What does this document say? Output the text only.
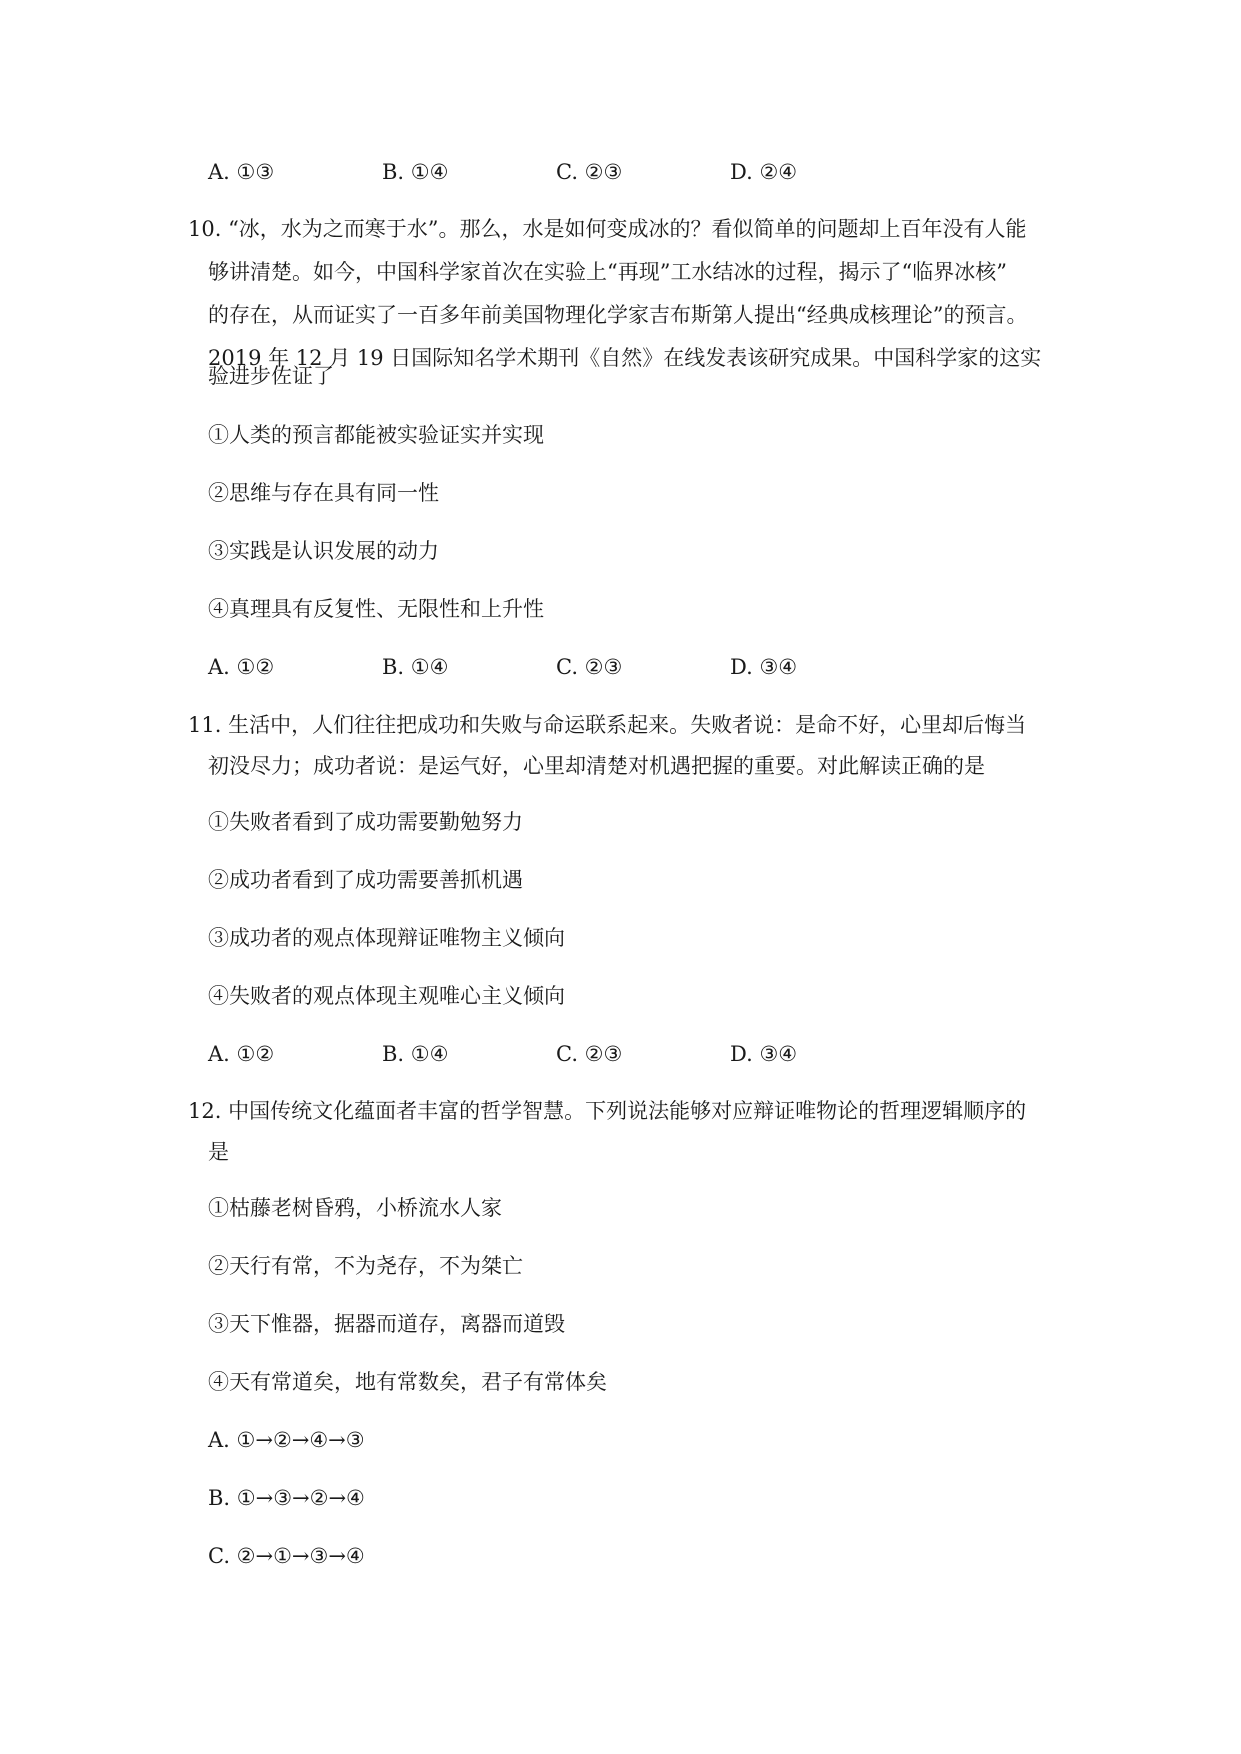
A. ①③	B. ①④	C. ②③	D. ②④
10. “冰，水为之而寒于水”。那么，水是如何变成冰的？看似简单的问题却上百年没有人能
够讲清楚。如今，中国科学家首次在实验上“再现”工水结冰的过程，揭示了“临界冰核”
的存在，从而证实了一百多年前美国物理化学家吉布斯第人提出“经典成核理论”的预言。
2019 年 12 月 19 日国际知名学术期刊《自然》在线发表该研究成果。中国科学家的这实
验进步佐证了
①人类的预言都能被实验证实并实现
②思维与存在具有同一性
③实践是认识发展的动力
④真理具有反复性、无限性和上升性
A. ①②	B. ①④	C. ②③	D. ③④
11. 生活中，人们往往把成功和失败与命运联系起来。失败者说：是命不好，心里却后悔当
初没尽力；成功者说：是运气好，心里却清楚对机遇把握的重要。对此解读正确的是
①失败者看到了成功需要勤勉努力
②成功者看到了成功需要善抓机遇
③成功者的观点体现辩证唯物主义倾向
④失败者的观点体现主观唯心主义倾向
A. ①②	B. ①④	C. ②③	D. ③④
12. 中国传统文化蕴面者丰富的哲学智慧。下列说法能够对应辩证唯物论的哲理逻辑顺序的
是
①枯藤老树昏鸦，小桥流水人家
②天行有常，不为尧存，不为桀亡
③天下惟器，据器而道存，离器而道毁
④天有常道矣，地有常数矣，君子有常体矣
A. ①→②→④→③
B. ①→③→②→④
C. ②→①→③→④
